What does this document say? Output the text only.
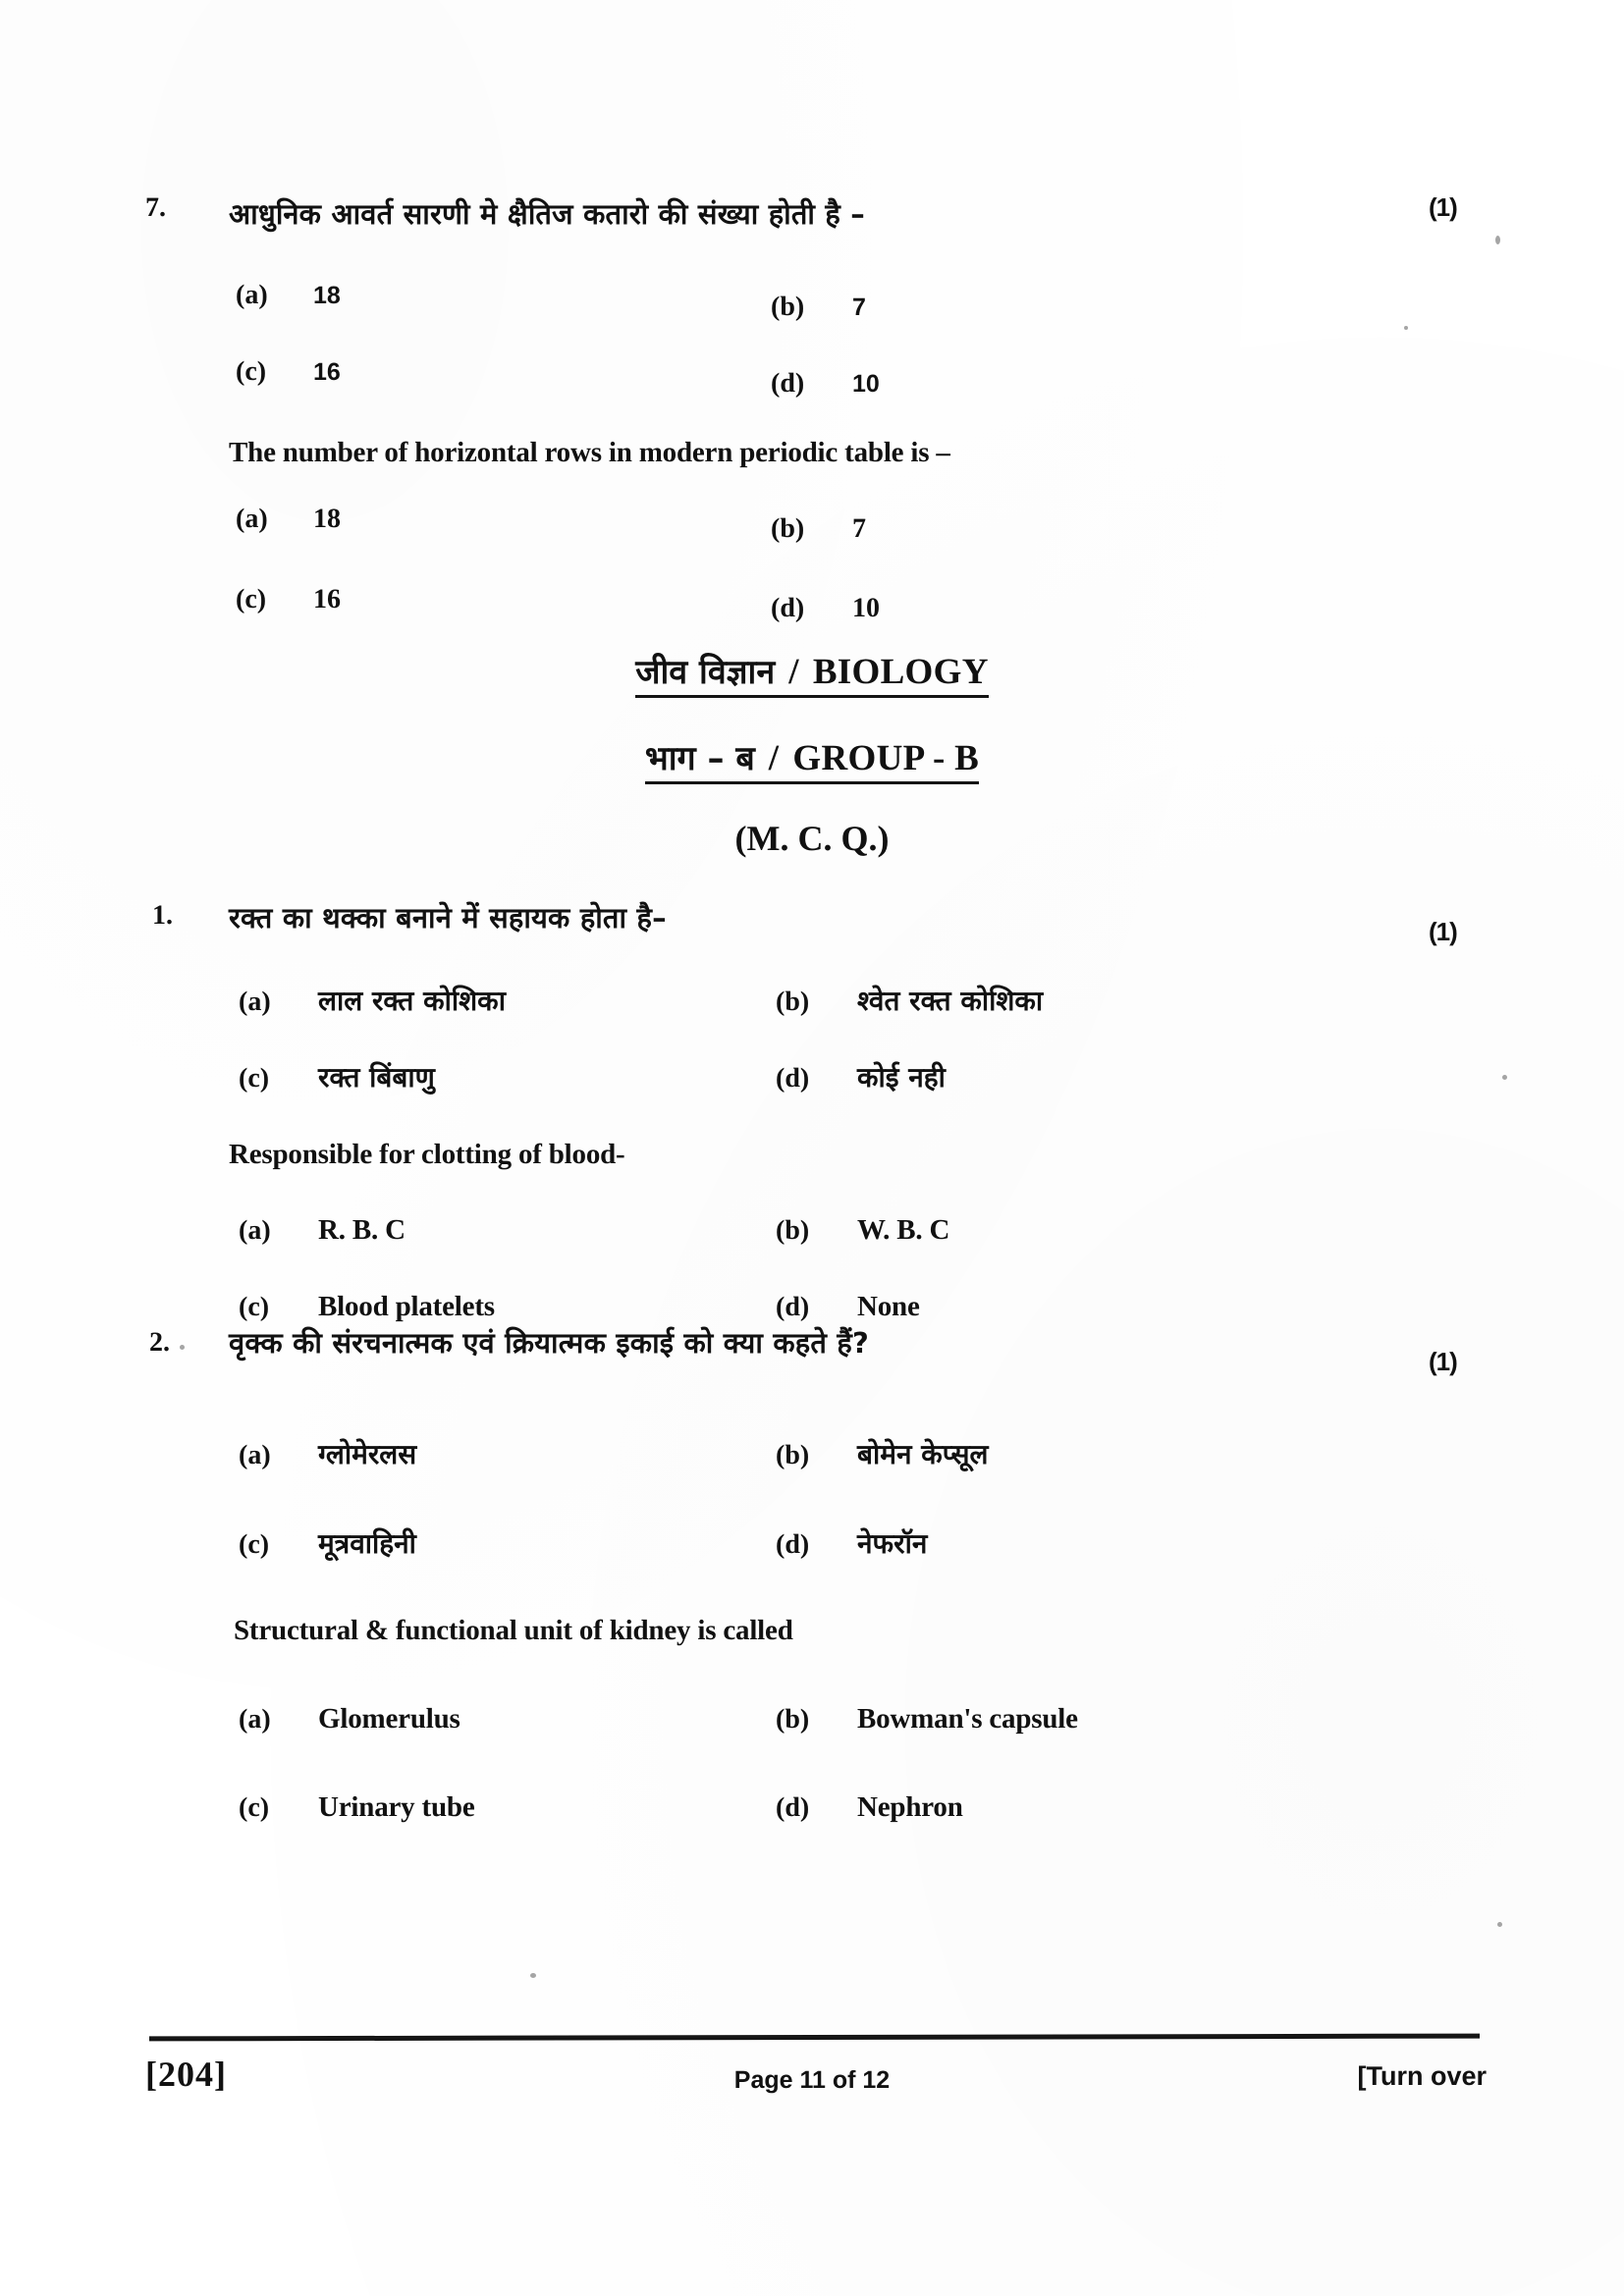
7.	(1)
आधुनिक आवर्त सारणी मे क्षैतिज कतारो की संख्या होती है –
(a) 18	(b) 7
(c) 16	(d) 10
The number of horizontal rows in modern periodic table is –
(a) 18	(b) 7
(c) 16	(d) 10
जीव विज्ञान / BIOLOGY
भाग – ब / GROUP - B
(M. C. Q.)
1.
(1)
रक्त का थक्का बनाने में सहायक होता है–
(a) लाल रक्त कोशिका	(b) श्वेत रक्त कोशिका
(c) रक्त बिंबाणु	(d) कोई नही
Responsible for clotting of blood-
(a) R. B. C	(b) W. B. C
(c) Blood platelets	(d) None
2.
(1)
वृक्क की संरचनात्मक एवं क्रियात्मक इकाई को क्या कहते हैं?
(a) ग्लोमेरलस	(b) बोमेन केप्सूल
(c) मूत्रवाहिनी	(d) नेफरॉन
Structural & functional unit of kidney is called
(a) Glomerulus	(b) Bowman's capsule
(c) Urinary tube	(d) Nephron
[204]	Page 11 of 12	[Turn over
